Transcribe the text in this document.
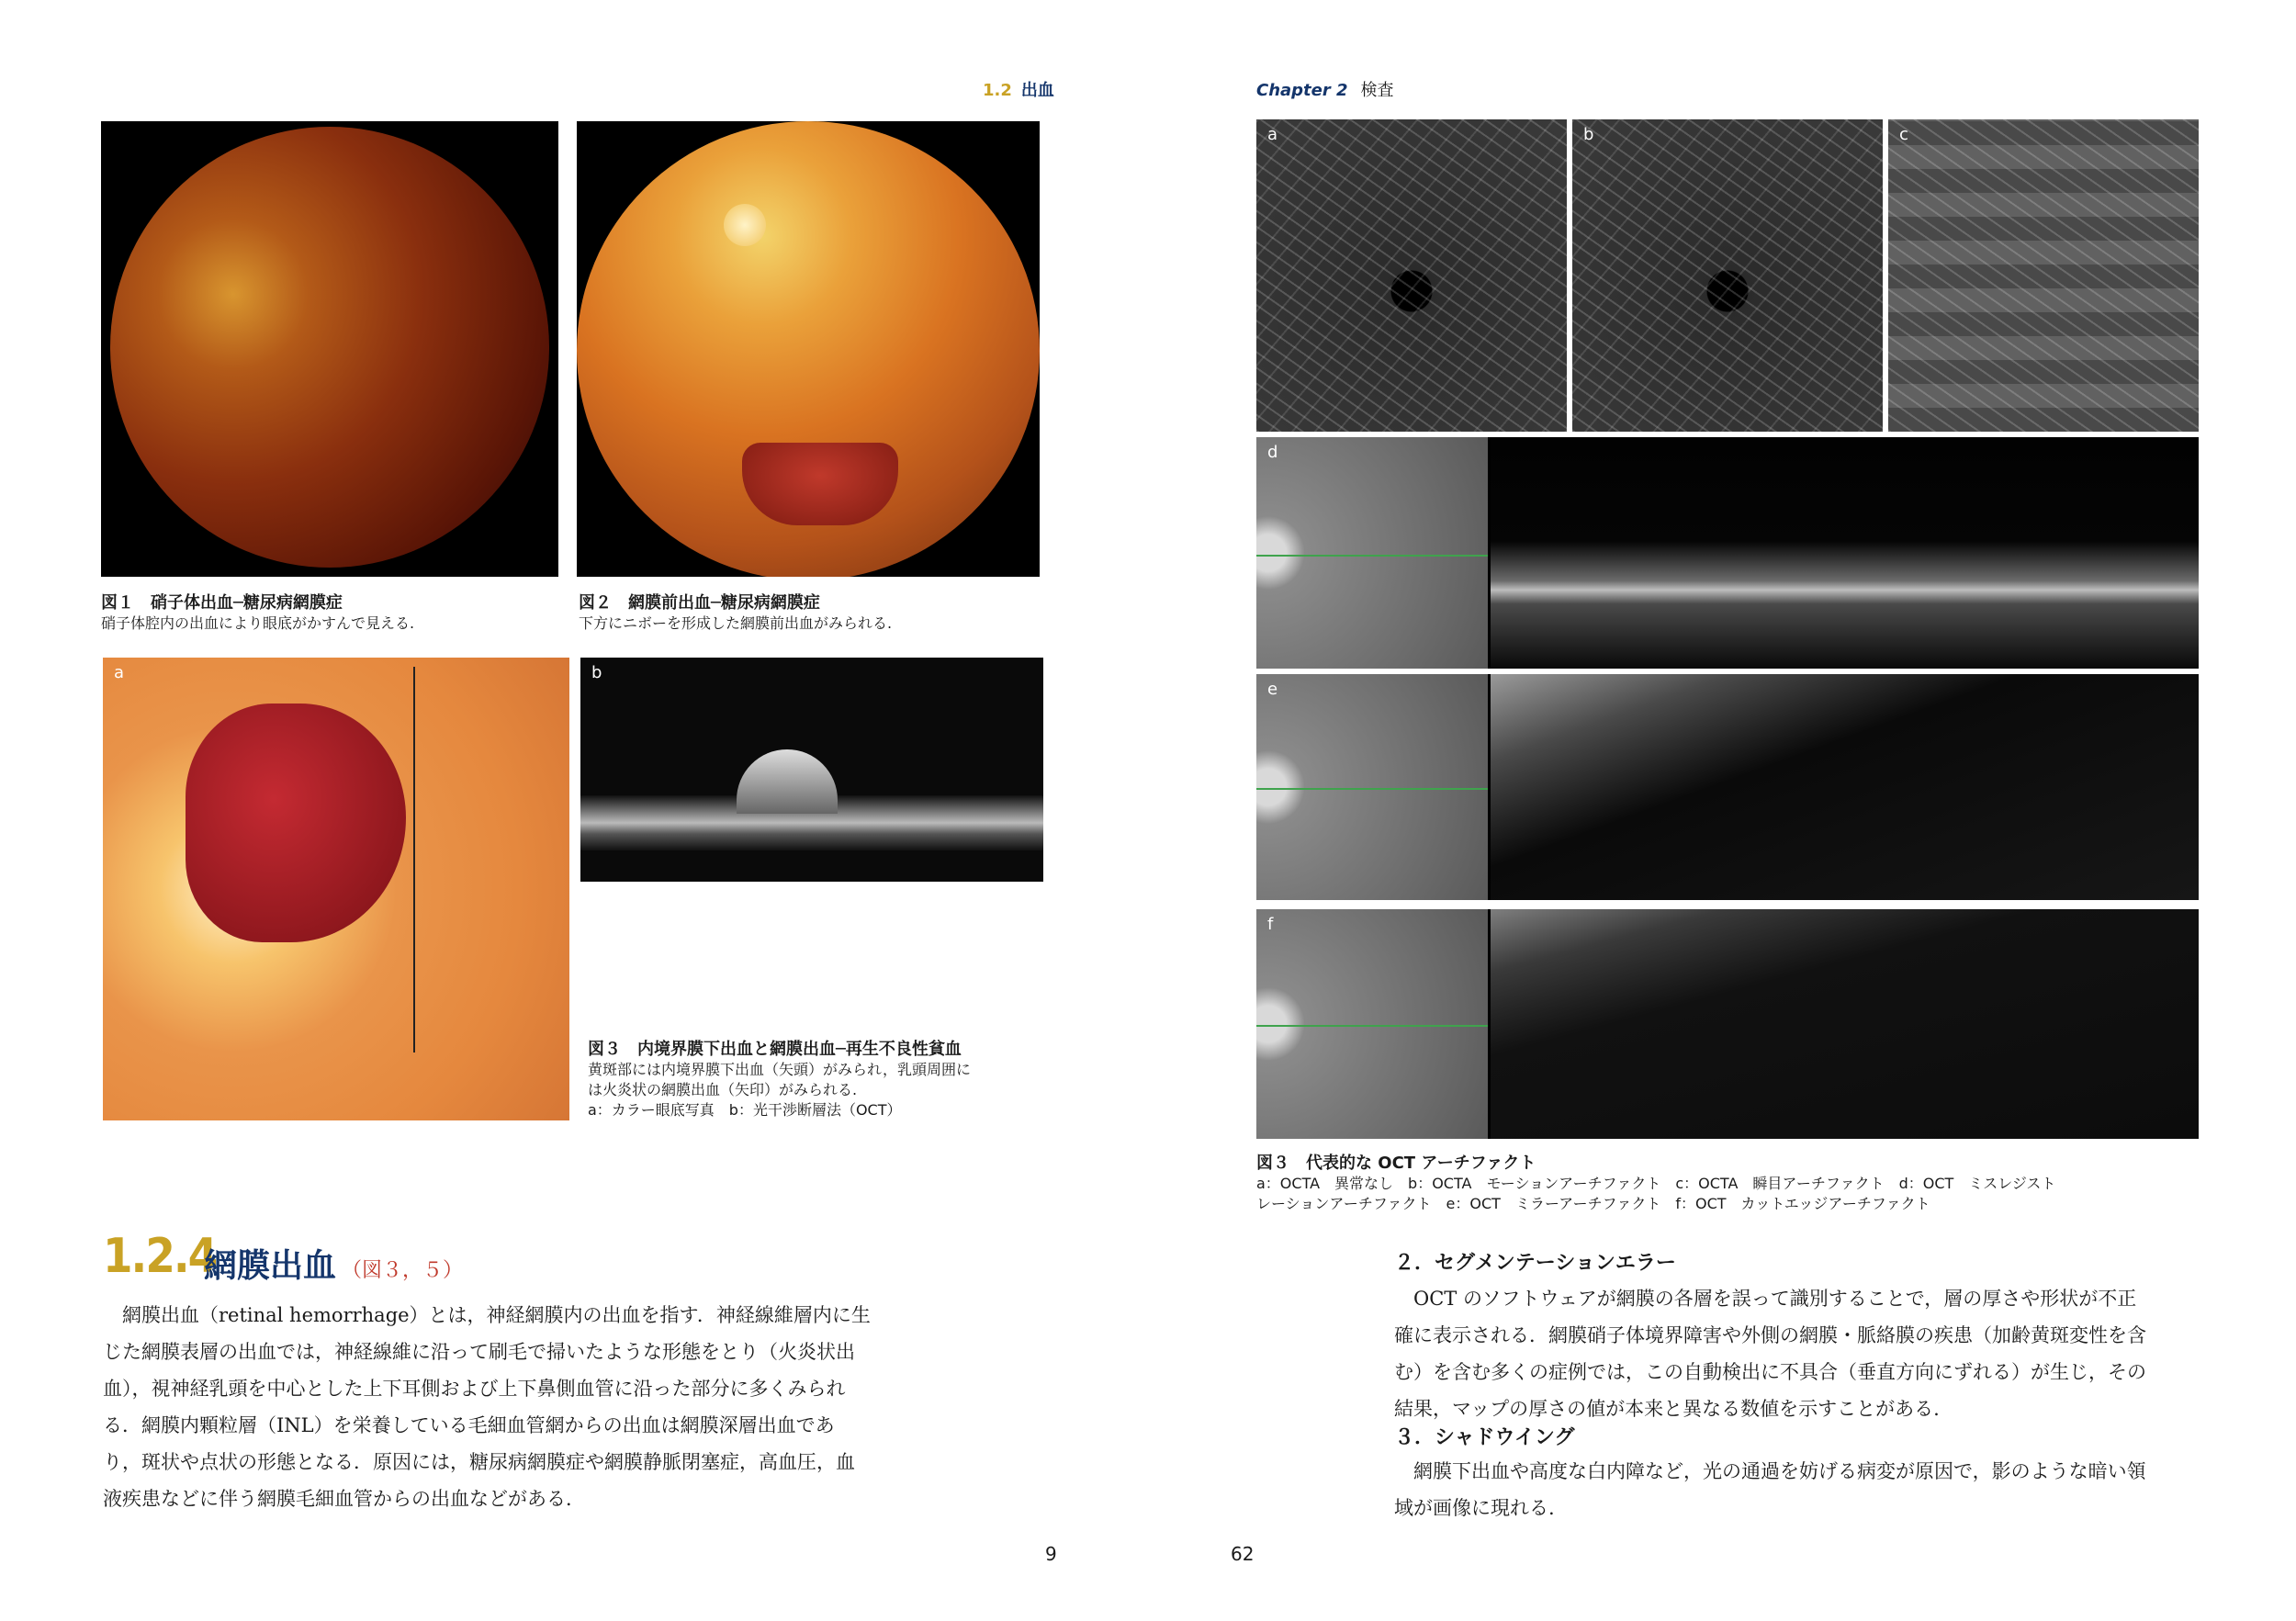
1.2 出血
図１　硝子体出血─糖尿病網膜症
硝子体腔内の出血により眼底がかすんで見える.
図２　網膜前出血─糖尿病網膜症
下方にニボーを形成した網膜前出血がみられる.
a	b
図３　内境界膜下出血と網膜出血─再生不良性貧血
黄斑部には内境界膜下出血（矢頭）がみられ，乳頭周囲に
は火炎状の網膜出血（矢印）がみられる.
a：カラー眼底写真　b：光干渉断層法（OCT）
1.2.4
網膜出血 （図３，５）
網膜出血（retinal hemorrhage）とは，神経網膜内の出血を指す．神経線維層内に生
じた網膜表層の出血では，神経線維に沿って刷毛で掃いたような形態をとり（火炎状出
血），視神経乳頭を中心とした上下耳側および上下鼻側血管に沿った部分に多くみられ
る．網膜内顆粒層（INL）を栄養している毛細血管網からの出血は網膜深層出血であ
り，斑状や点状の形態となる．原因には，糖尿病網膜症や網膜静脈閉塞症，高血圧，血
液疾患などに伴う網膜毛細血管からの出血などがある．
9
Chapter 2 検査
a	b	c
d
e
f
図３　代表的な OCT アーチファクト
a：OCTA　異常なし　b：OCTA　モーションアーチファクト　c：OCTA　瞬目アーチファクト　d：OCT　ミスレジスト
レーションアーチファクト　e：OCT　ミラーアーチファクト　f：OCT　カットエッジアーチファクト
２．セグメンテーションエラー
OCT のソフトウェアが網膜の各層を誤って識別することで，層の厚さや形状が不正
確に表示される．網膜硝子体境界障害や外側の網膜・脈絡膜の疾患（加齢黄斑変性を含
む）を含む多くの症例では，この自動検出に不具合（垂直方向にずれる）が生じ，その
結果，マップの厚さの値が本来と異なる数値を示すことがある.
３．シャドウイング
網膜下出血や高度な白内障など，光の通過を妨げる病変が原因で，影のような暗い領
域が画像に現れる.
62
